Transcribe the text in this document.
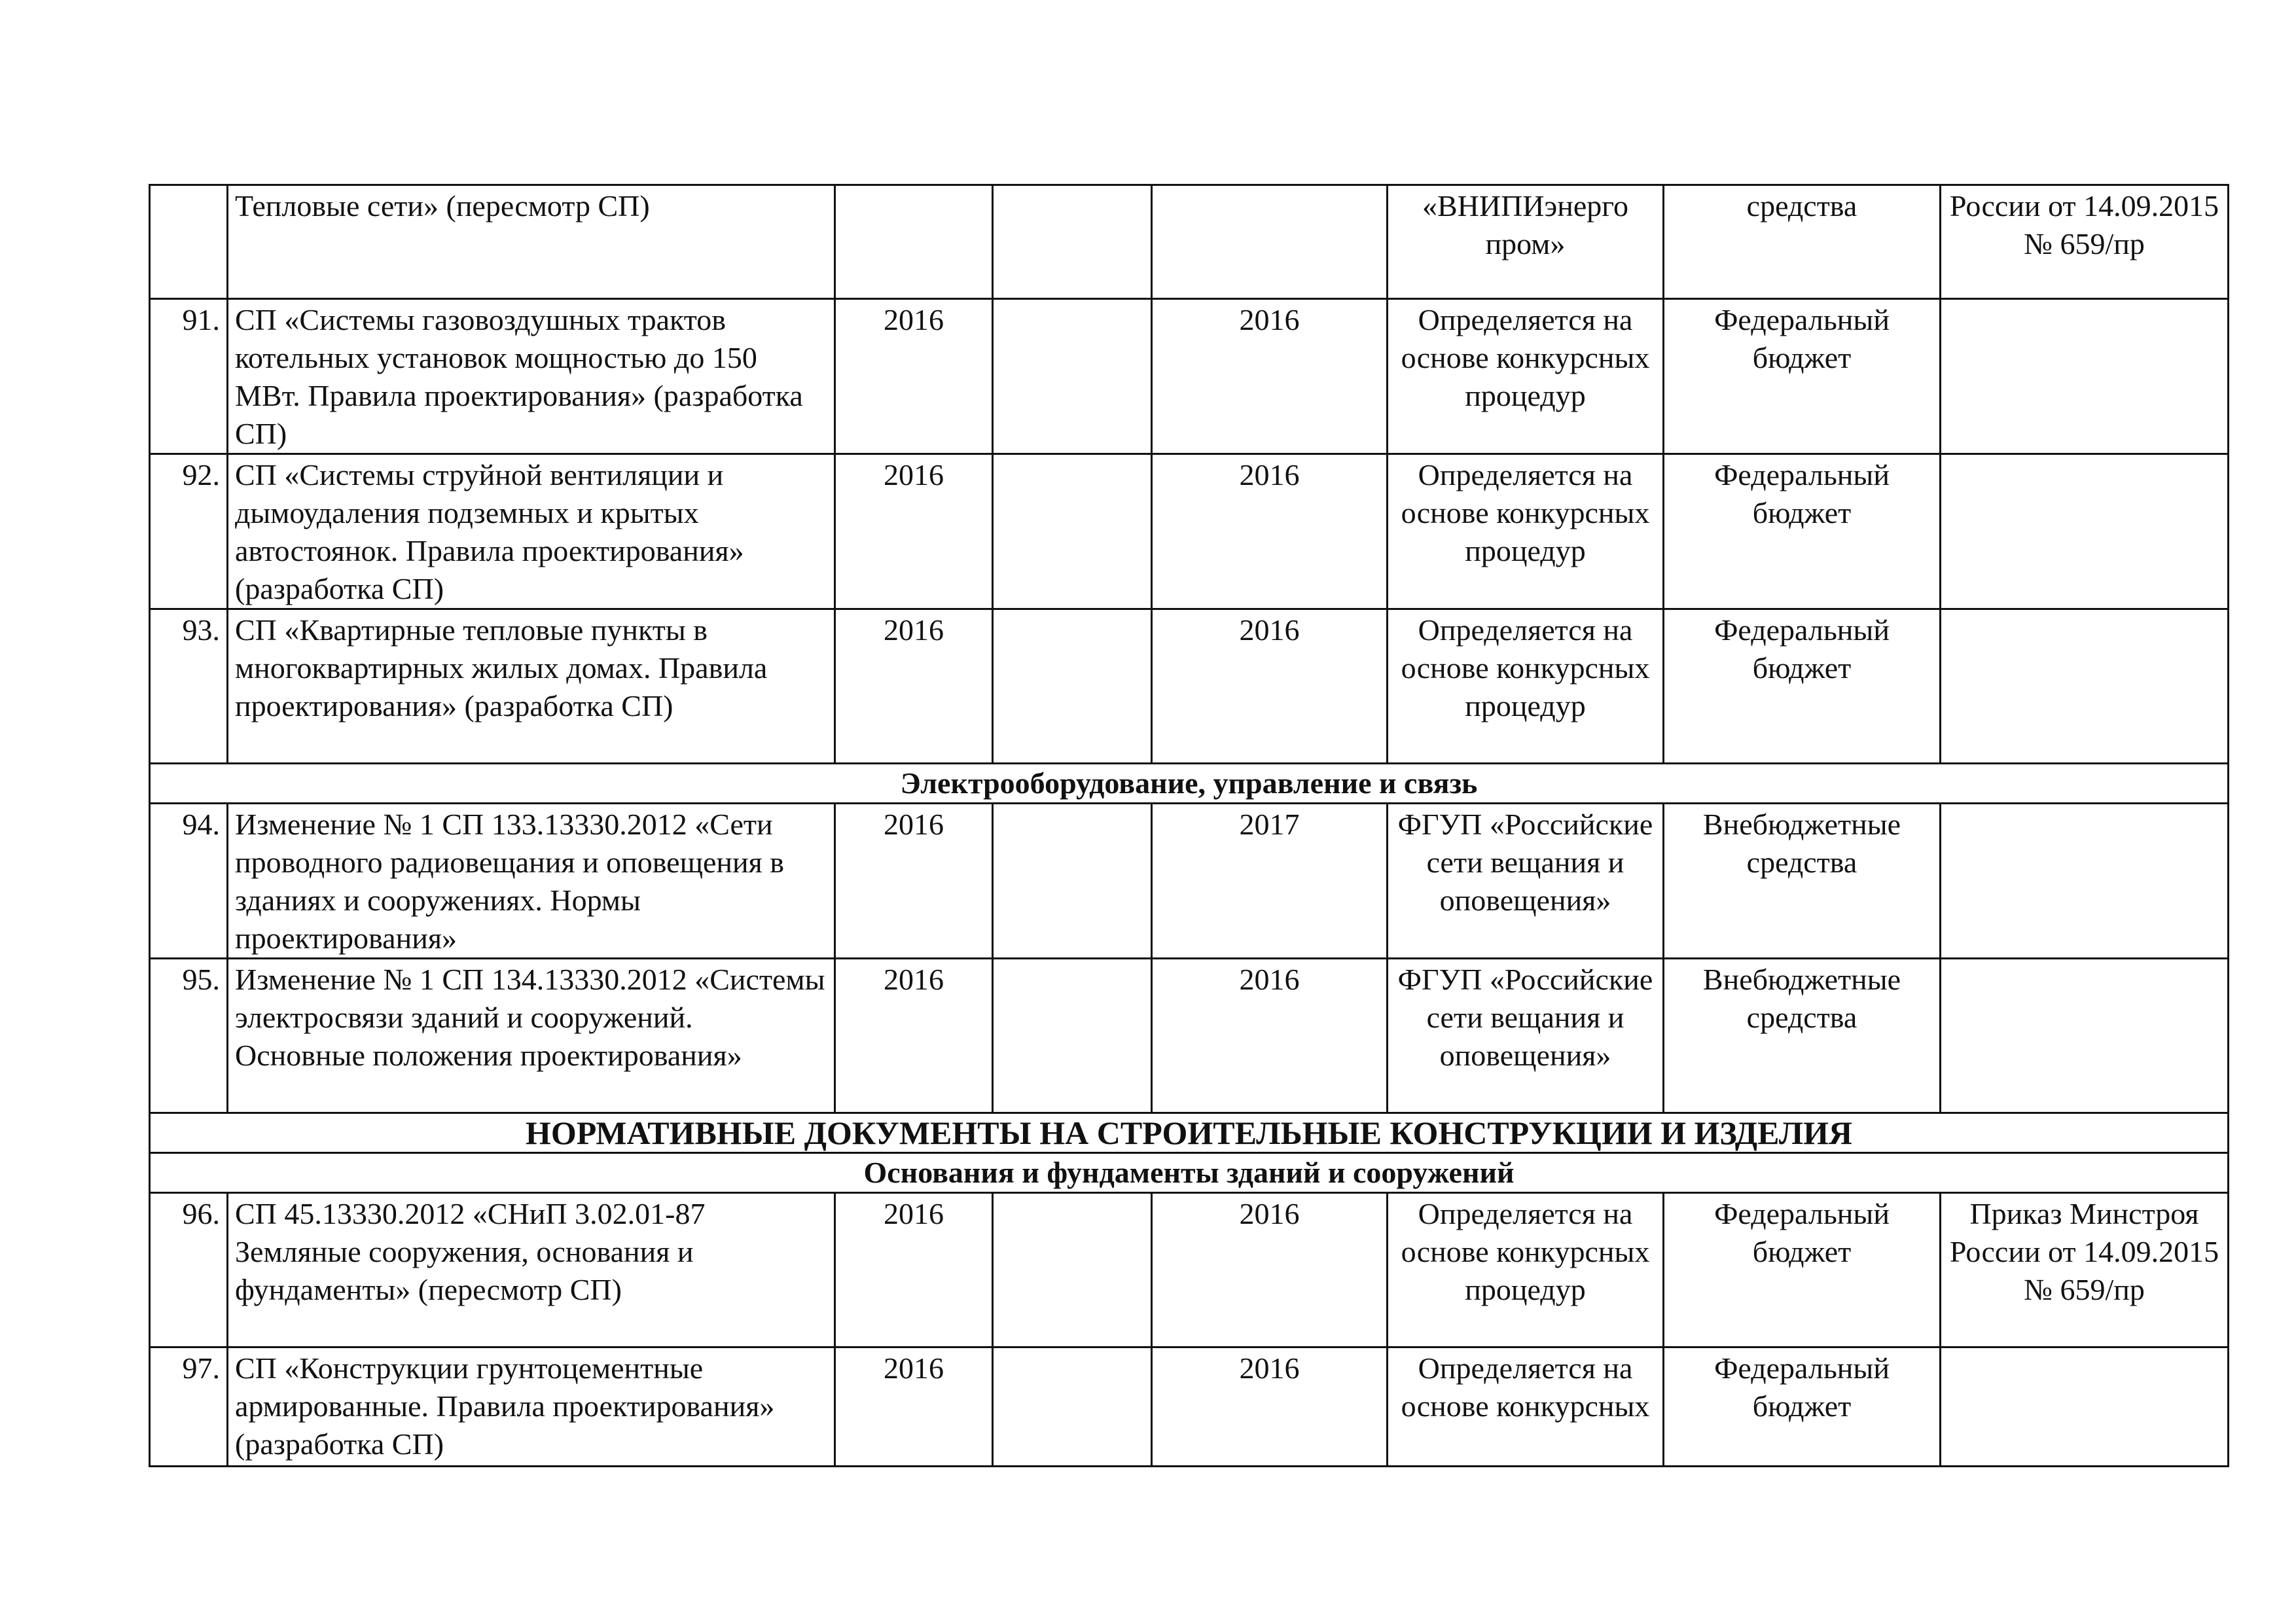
	Тепловые сети» (пересмотр СП)				«ВНИПИэнерго пром»	средства	России от 14.09.2015 № 659/пр
91.	СП «Системы газовоздушных трактов котельных установок мощностью до 150 МВт. Правила проектирования» (разработка СП)	2016		2016	Определяется на основе конкурсных процедур	Федеральный бюджет	
92.	СП «Системы струйной вентиляции и дымоудаления подземных и крытых автостоянок. Правила проектирования» (разработка СП)	2016		2016	Определяется на основе конкурсных процедур	Федеральный бюджет	
93.	СП «Квартирные тепловые пункты в многоквартирных жилых домах. Правила проектирования» (разработка СП)	2016		2016	Определяется на основе конкурсных процедур	Федеральный бюджет	
Электрооборудование, управление и связь							
94.	Изменение № 1 СП 133.13330.2012 «Сети проводного радиовещания и оповещения в зданиях и сооружениях. Нормы проектирования»	2016		2017	ФГУП «Российские сети вещания и оповещения»	Внебюджетные средства	
95.	Изменение № 1 СП 134.13330.2012 «Системы электросвязи зданий и сооружений. Основные положения проектирования»	2016		2016	ФГУП «Российские сети вещания и оповещения»	Внебюджетные средства	
НОРМАТИВНЫЕ ДОКУМЕНТЫ НА СТРОИТЕЛЬНЫЕ КОНСТРУКЦИИ И ИЗДЕЛИЯ							
Основания и фундаменты зданий и сооружений							
96.	СП 45.13330.2012 «СНиП 3.02.01-87 Земляные сооружения, основания и фундаменты» (пересмотр СП)	2016		2016	Определяется на основе конкурсных процедур	Федеральный бюджет	Приказ Минстроя России от 14.09.2015 № 659/пр
97.	СП «Конструкции грунтоцементные армированные. Правила проектирования» (разработка СП)	2016		2016	Определяется на основе конкурсных	Федеральный бюджет	
